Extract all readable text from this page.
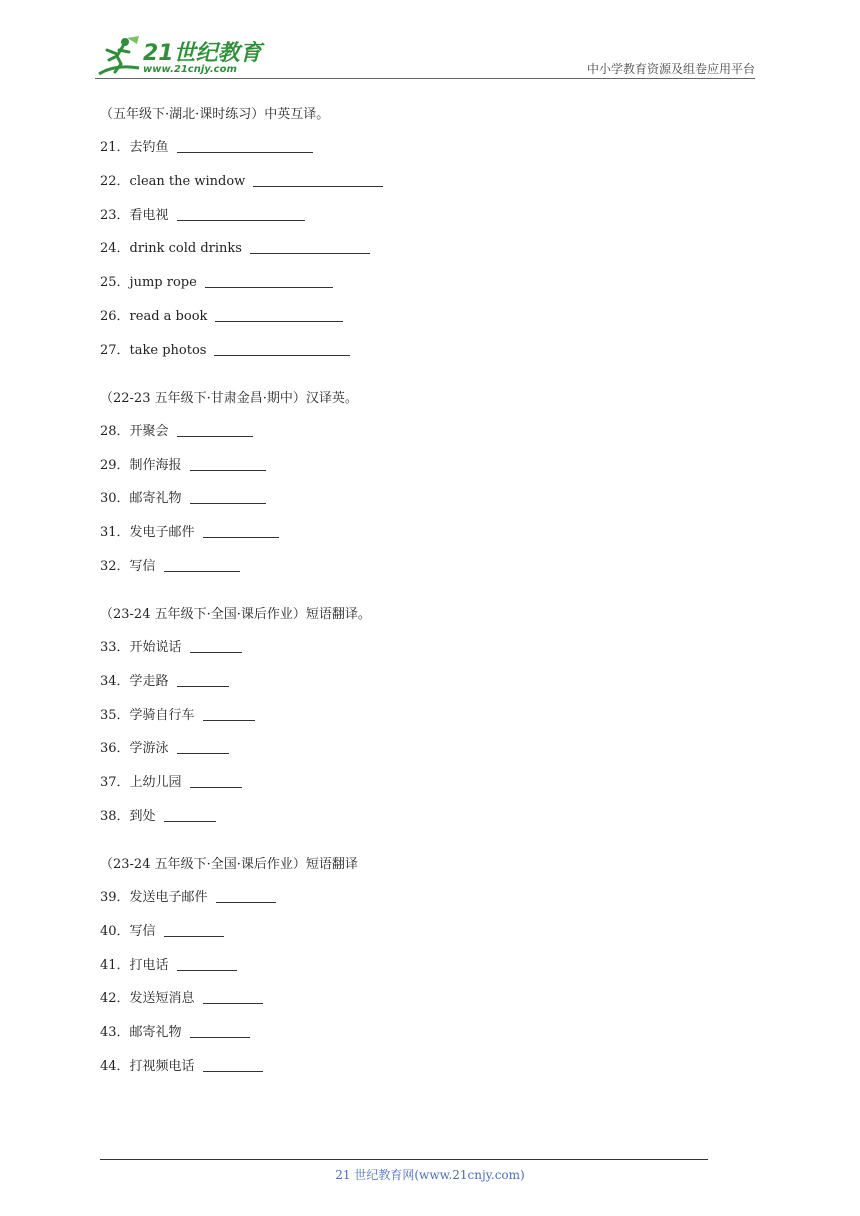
21世纪教育
www.21cnjy.com	中小学教育资源及组卷应用平台
（五年级下·湖北·课时练习）中英互译。
21．去钓鱼
22．clean the window
23．看电视
24．drink cold drinks
25．jump rope
26．read a book
27．take photos
（22-23 五年级下·甘肃金昌·期中）汉译英。
28．开聚会
29．制作海报
30．邮寄礼物
31．发电子邮件
32．写信
（23-24 五年级下·全国·课后作业）短语翻译。
33．开始说话
34．学走路
35．学骑自行车
36．学游泳
37．上幼儿园
38．到处
（23-24 五年级下·全国·课后作业）短语翻译
39．发送电子邮件
40．写信
41．打电话
42．发送短消息
43．邮寄礼物
44．打视频电话
21 世纪教育网(www.21cnjy.com)
